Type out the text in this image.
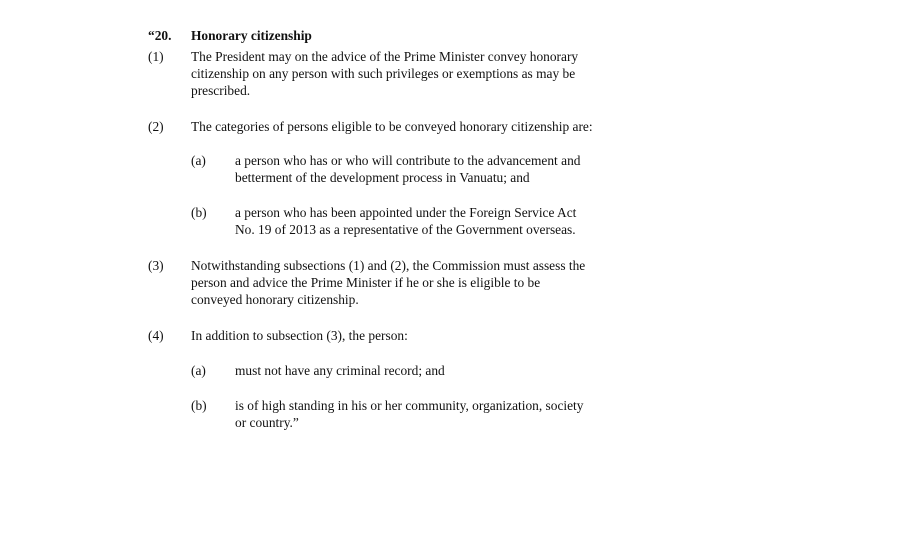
“20. Honorary citizenship
(1) The President may on the advice of the Prime Minister convey honorary
citizenship on any person with such privileges or exemptions as may be
prescribed.
(2) The categories of persons eligible to be conveyed honorary citizenship are:
(a) a person who has or who will contribute to the advancement and
betterment of the development process in Vanuatu; and
(b) a person who has been appointed under the Foreign Service Act
No. 19 of 2013 as a representative of the Government overseas.
(3) Notwithstanding subsections (1) and (2), the Commission must assess the
person and advice the Prime Minister if he or she is eligible to be
conveyed honorary citizenship.
(4) In addition to subsection (3), the person:
(a) must not have any criminal record; and
(b) is of high standing in his or her community, organization, society
or country.”
